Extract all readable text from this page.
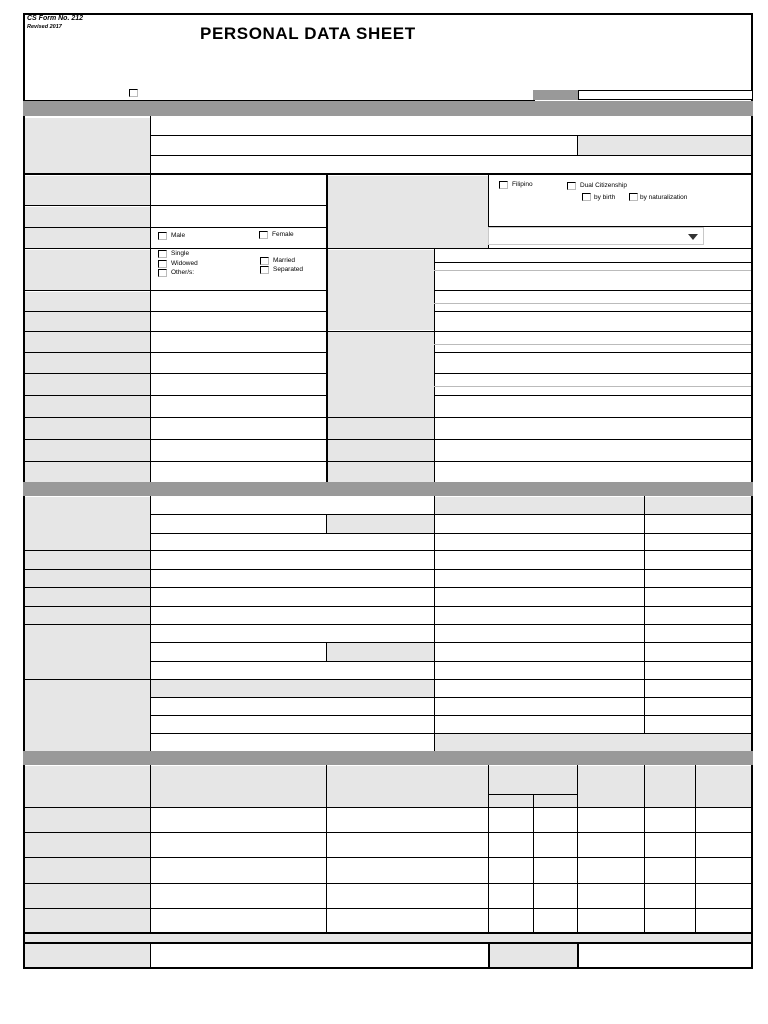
CS Form No. 212
Revised 2017	PERSONAL DATA SHEET
Male	Female
Filipino	Dual Citizenship
by birth	by naturalization
Single
Widowed
Other/s:
Married
Separated
